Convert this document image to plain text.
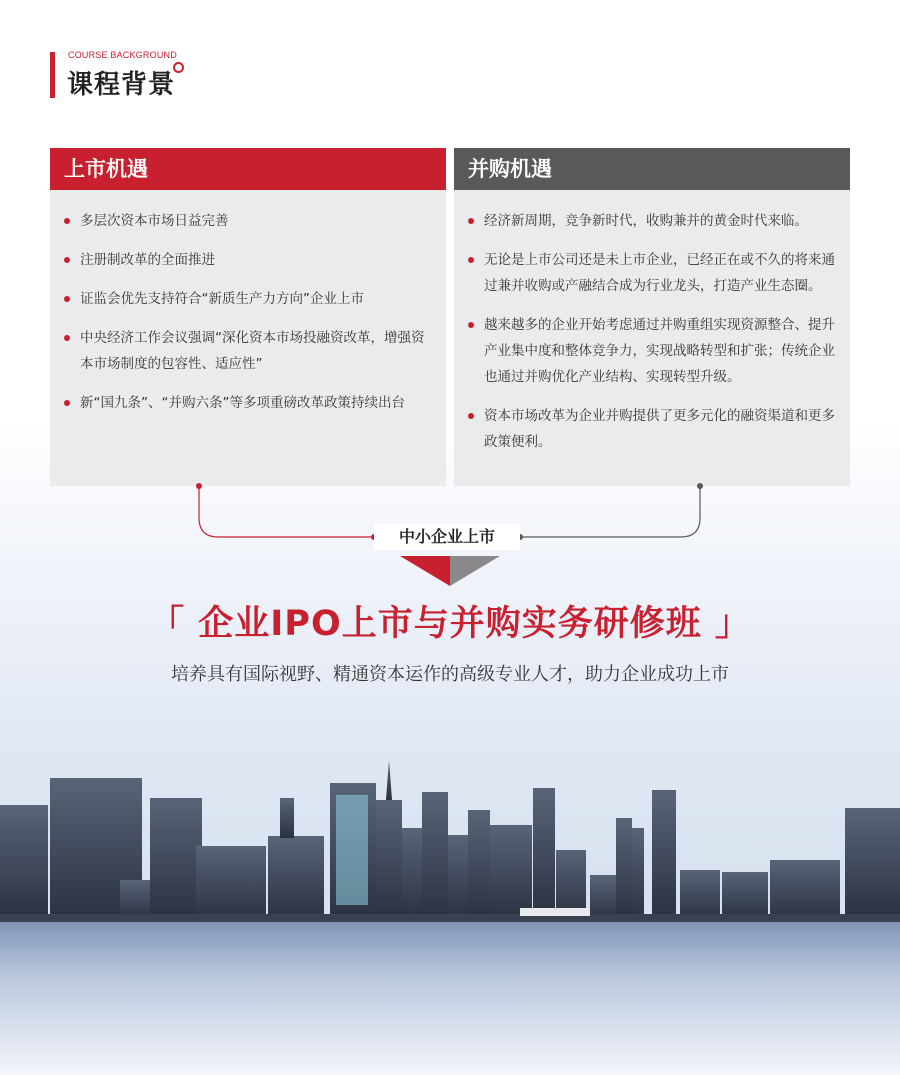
COURSE BACKGROUND
课程背景
上市机遇
多层次资本市场日益完善
注册制改革的全面推进
证监会优先支持符合“新质生产力方向”企业上市
中央经济工作会议强调“深化资本市场投融资改革，增强资本市场制度的包容性、适应性”
新“国九条”、“并购六条”等多项重磅改革政策持续出台
并购机遇
经济新周期，竞争新时代，收购兼并的黄金时代来临。
无论是上市公司还是未上市企业，已经正在或不久的将来通过兼并收购或产融结合成为行业龙头，打造产业生态圈。
越来越多的企业开始考虑通过并购重组实现资源整合、提升产业集中度和整体竞争力，实现战略转型和扩张；传统企业也通过并购优化产业结构、实现转型升级。
资本市场改革为企业并购提供了更多元化的融资渠道和更多政策便利。
中小企业上市
「 企业IPO上市与并购实务研修班 」
培养具有国际视野、精通资本运作的高级专业人才，助力企业成功上市
